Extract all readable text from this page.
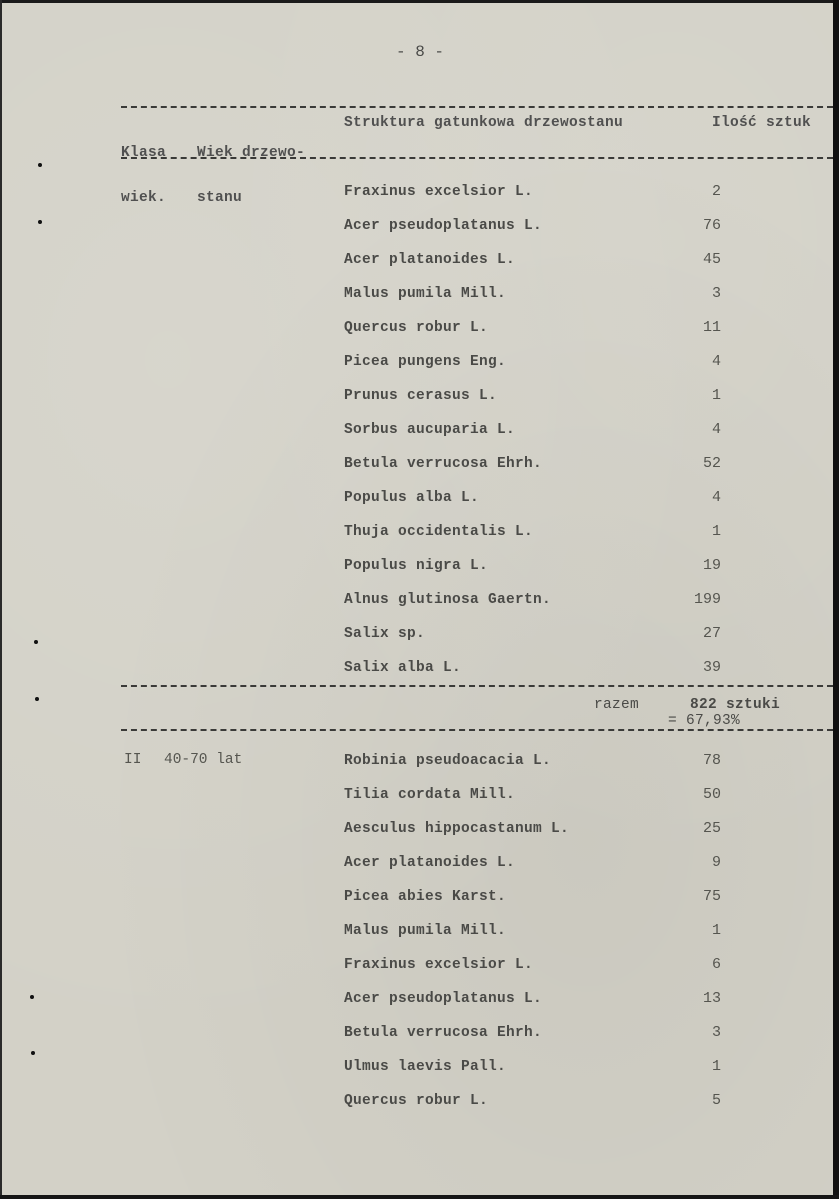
- 8 -

Klasa

wiek.

Wiek drzewo-

stanu

Struktura gatunkowa drzewostanu	Ilość sztuk
Fraxinus excelsior L.	2
Acer pseudoplatanus L.	76
Acer platanoides L.	45
Malus pumila Mill.	3
Quercus robur L.	11
Picea pungens Eng.	4
Prunus cerasus L.	1
Sorbus aucuparia L.	4
Betula verrucosa Ehrh.	52
Populus alba L.	4
Thuja occidentalis L.	1
Populus nigra L.	19
Alnus glutinosa Gaertn.	199
Salix sp.	27
Salix alba L.	39
razem	822 sztuki
= 67,93%
II 40-70 lat	Robinia pseudoacacia L.	78
Tilia cordata Mill.	50
Aesculus hippocastanum L.	25
Acer platanoides L.	9
Picea abies Karst.	75
Malus pumila Mill.	1
Fraxinus excelsior L.	6
Acer pseudoplatanus L.	13
Betula verrucosa Ehrh.	3
Ulmus laevis Pall.	1
Quercus robur L.	5
